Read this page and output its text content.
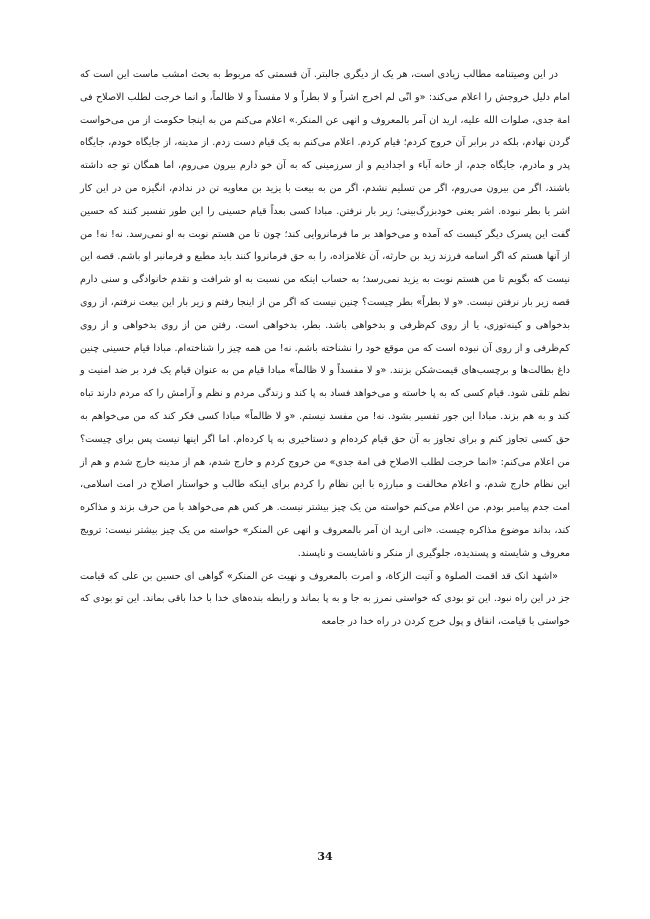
در این وصیتنامه مطالب زیادی است، هر یک از دیگری جالبتر. آن قسمتی که مربوط به بحث امشب ماست این است که امام دلیل خروجش را اعلام می‌کند: «و انّی لم اخرج اشراً و لا بطراً و لا مفسداً و لا ظالماً، و انما خرجت لطلب الاصلاح فی امة جدی، صلوات الله علیه، ارید ان آمر بالمعروف و انهی عن المنکر.» اعلام می‌کنم من به اینجا حکومت از من می‌خواست گردن نهادم، بلکه در برابر آن خروج کردم؛ قیام کردم. اعلام می‌کنم به یک قیام دست زدم. از مدینه، از جایگاه خودم، جایگاه پدر و مادرم، جایگاه جدم، از خانه آباء و اجدادیم و از سرزمینی که به آن خو دارم بیرون می‌روم، اما همگان تو جه داشته باشند، اگر من بیرون می‌روم، اگر من تسلیم نشدم، اگر من به بیعت با یزید بن معاویه تن در ندادم، انگیزه من در این کار اشر یا بطر نبوده. اشر یعنی خودبزرگ‌بینی؛ زیر بار نرفتن. مبادا کسی بعداً قیام حسینی را این طور تفسیر کنند که حسین گفت این پسرک دیگر کیست که آمده و می‌خواهد بر ما فرمانروایی کند؛ چون تا من هستم نوبت به او نمی‌رسد. نه! نه! من از آنها هستم که اگر اسامه فرزند زید بن حارثه، آن غلامزاده، را به حق فرمانروا کنند باید مطیع و فرمانبر او باشم. قصه این نیست که بگویم تا من هستم نوبت به یزید نمی‌رسد؛ به حساب اینکه من نسبت به او شرافت و تقدم خانوادگی و سنی دارم قصه زیر بار نرفتن نیست. «و لا بطراً» بطر چیست؟ چنین نیست که اگر من از اینجا رفتم و زیر بار این بیعت نرفتم، از روی بدخواهی و کینه‌توزی، یا از روی کم‌ظرفی و بدخواهی باشد. بطر، بدخواهی است. رفتن من از روی بدخواهی و از روی کم‌ظرفی و از روی آن نبوده است که من موقع خود را نشناخته باشم. نه! من همه چیز را شناخته‌ام. مبادا قیام حسینی چنین داغ بطالت‌ها و برچسب‌های قیمت‌شکن بزنند. «و لا مفسداً و لا ظالماً» مبادا قیام من به عنوان قیام یک فرد بر ضد امنیت و نظم تلقی شود. قیام کسی که به پا خاسته و می‌خواهد فساد به پا کند و زندگی مردم و نظم و آرامش را که مردم دارند تباه کند و به هم بزند. مبادا این جور تفسیر بشود. نه! من مفسد نیستم. «و لا ظالماً» مبادا کسی فکر کند که من می‌خواهم به حق کسی تجاوز کنم و برای تجاوز به آن حق قیام کرده‌ام و دستاخیری به پا کرده‌ام. اما اگر اینها نیست پس برای چیست؟ من اعلام می‌کنم: «انما خرجت لطلب الاصلاح فی امة جدی» من خروج کردم و خارج شدم، هم از مدینه خارج شدم و هم از این نظام خارج شدم، و اعلام مخالفت و مبارزه با این نظام را کردم برای اینکه طالب و خواستار اصلاح در امت اسلامی، امت جدم پیامبر بودم. من اعلام می‌کنم خواسته من یک چیز بیشتر نیست. هر کس هم می‌خواهد با من حرف بزند و مذاکره کند، بداند موضوع مذاکره چیست. «انی ارید ان آمر بالمعروف و انهی عن المنکر» خواسته من یک چیز بیشتر نیست: ترویج معروف و شایسته و پسندیده، جلوگیری از منکر و ناشایست و ناپسند.

«اشهد انک قد اقمت الصلوة و آتیت الزکاة، و امرت بالمعروف و نهیت عن المنکر» گواهی ای حسین بن علی که قیامت جز در این راه نبود. این تو بودی که خواستی نمرز به جا و به پا بماند و رابطه بنده‌های خدا با خدا باقی بماند. این تو بودی که خواستی با قیامت، انفاق و پول خرج کردن در راه خدا در جامعه

34
